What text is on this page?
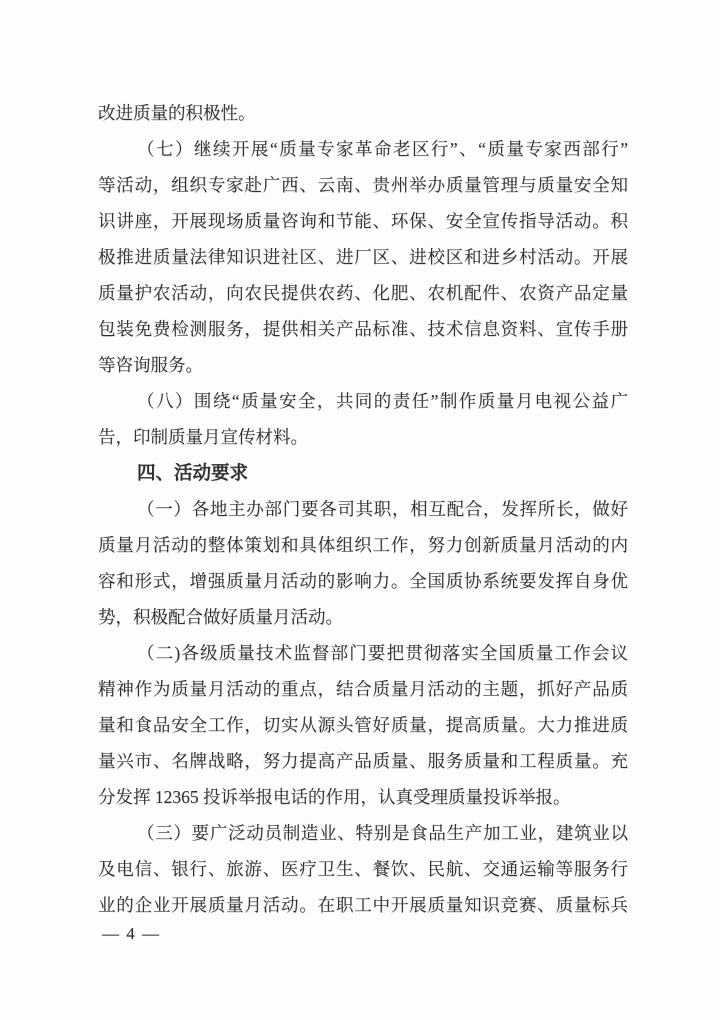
改进质量的积极性。
（七）继续开展“质量专家革命老区行”、“质量专家西部行”
等活动，组织专家赴广西、云南、贵州举办质量管理与质量安全知
识讲座，开展现场质量咨询和节能、环保、安全宣传指导活动。积
极推进质量法律知识进社区、进厂区、进校区和进乡村活动。开展
质量护农活动，向农民提供农药、化肥、农机配件、农资产品定量
包装免费检测服务，提供相关产品标准、技术信息资料、宣传手册
等咨询服务。
（八）围绕“质量安全，共同的责任”制作质量月电视公益广
告，印制质量月宣传材料。
四、活动要求
（一）各地主办部门要各司其职，相互配合，发挥所长，做好
质量月活动的整体策划和具体组织工作，努力创新质量月活动的内
容和形式，增强质量月活动的影响力。全国质协系统要发挥自身优
势，积极配合做好质量月活动。
（二)各级质量技术监督部门要把贯彻落实全国质量工作会议
精神作为质量月活动的重点，结合质量月活动的主题，抓好产品质
量和食品安全工作，切实从源头管好质量，提高质量。大力推进质
量兴市、名牌战略，努力提高产品质量、服务质量和工程质量。充
分发挥 12365 投诉举报电话的作用，认真受理质量投诉举报。
（三）要广泛动员制造业、特别是食品生产加工业，建筑业以
及电信、银行、旅游、医疗卫生、餐饮、民航、交通运输等服务行
业的企业开展质量月活动。在职工中开展质量知识竞赛、质量标兵
— 4 —
